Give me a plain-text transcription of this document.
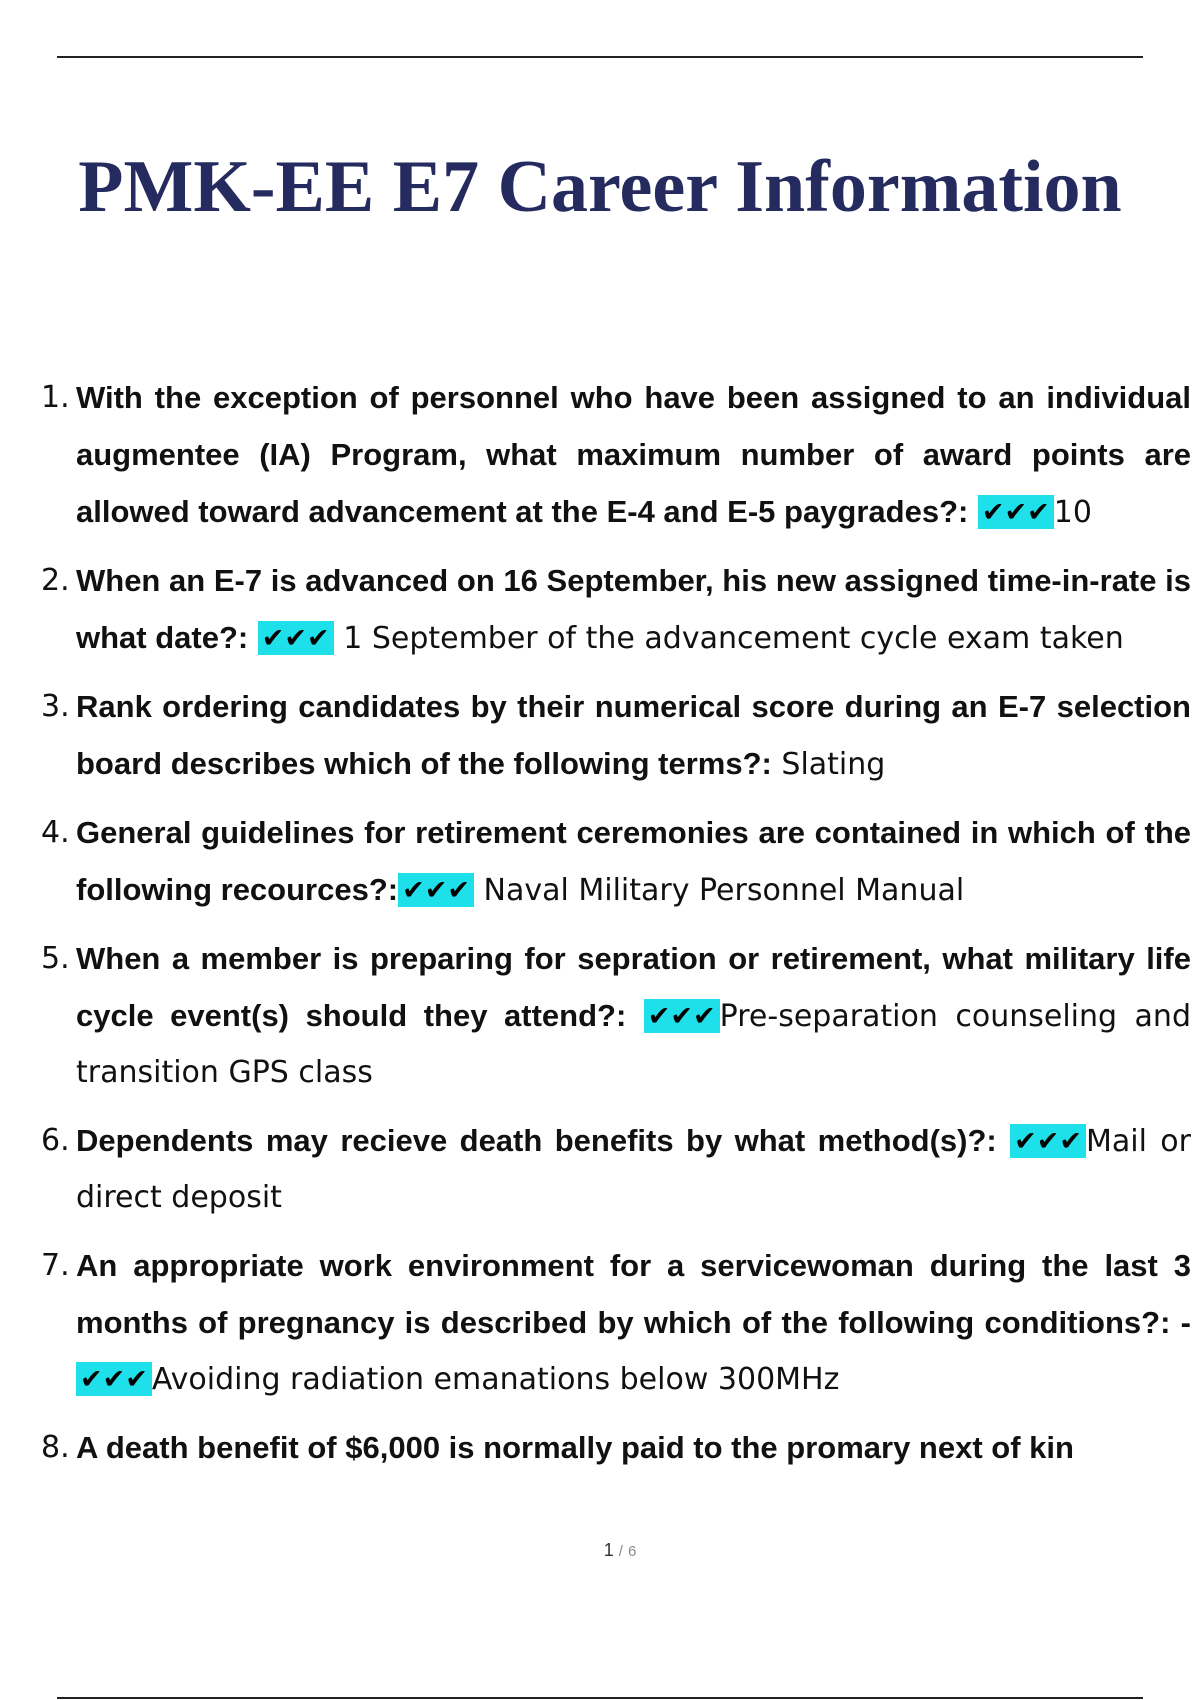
PMK-EE E7 Career Information
1. With the exception of personnel who have been assigned to an individual augmentee (IA) Program, what maximum number of award points are allowed toward advancement at the E-4 and E-5 paygrades?: ✔✔✔ 10
2. When an E-7 is advanced on 16 September, his new assigned time-in-rate is what date?: ✔✔✔ 1 September of the advancement cycle exam taken
3. Rank ordering candidates by their numerical score during an E-7 selection board describes which of the following terms?: Slating
4. General guidelines for retirement ceremonies are contained in which of the following recources?: ✔✔✔ Naval Military Personnel Manual
5. When a member is preparing for sepration or retirement, what military life cycle event(s) should they attend?: ✔✔✔ Pre-separation counseling and transition GPS class
6. Dependents may recieve death benefits by what method(s)?: ✔✔✔ Mail or direct deposit
7. An appropriate work environment for a servicewoman during the last 3 months of pregnancy is described by which of the following conditions?: - ✔✔✔ Avoiding radiation emanations below 300MHz
8. A death benefit of $6,000 is normally paid to the promary next of kin
1 / 6
